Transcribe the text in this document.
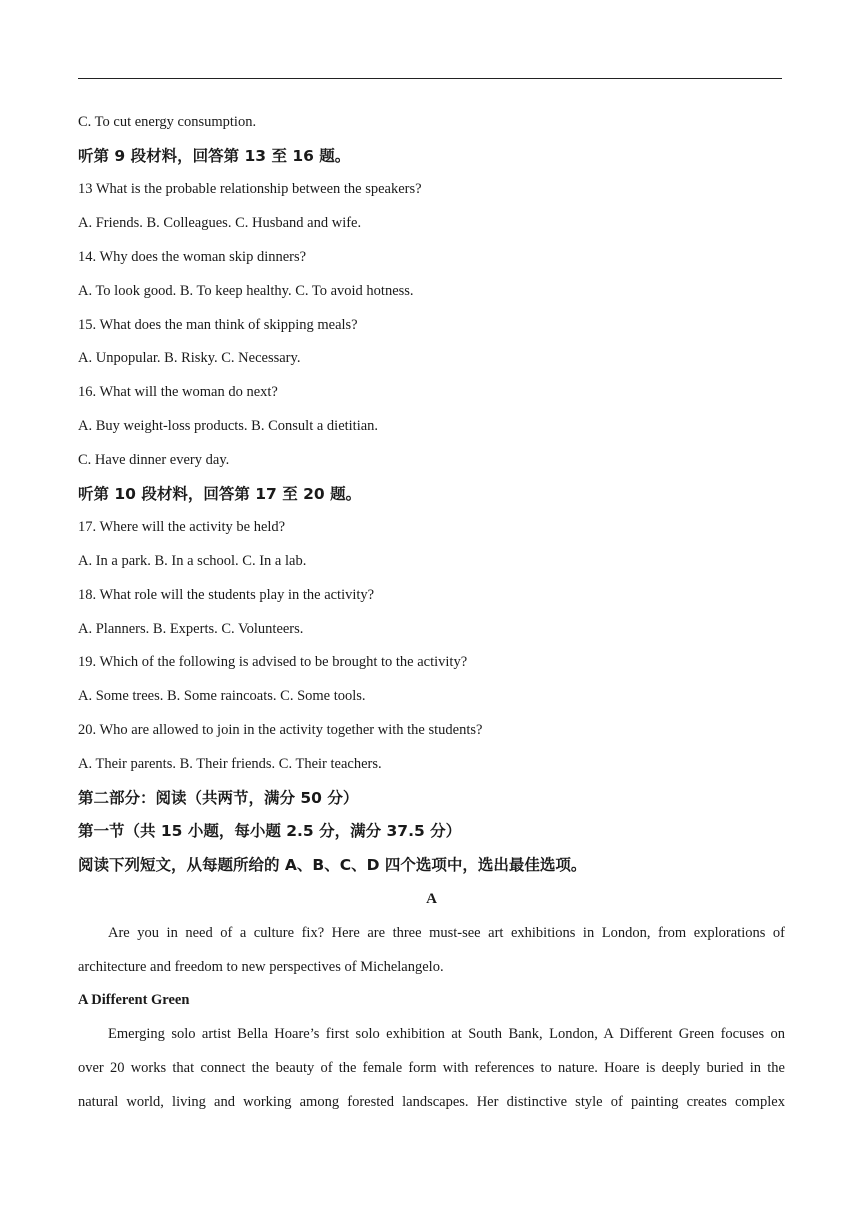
C. To cut energy consumption.
听第 9 段材料，回答第 13 至 16 题。
13 What is the probable relationship between the speakers?
A. Friends. B. Colleagues. C. Husband and wife.
14. Why does the woman skip dinners?
A. To look good. B. To keep healthy. C. To avoid hotness.
15. What does the man think of skipping meals?
A. Unpopular. B. Risky. C. Necessary.
16. What will the woman do next?
A. Buy weight-loss products. B. Consult a dietitian.
C. Have dinner every day.
听第 10 段材料，回答第 17 至 20 题。
17. Where will the activity be held?
A. In a park. B. In a school. C. In a lab.
18. What role will the students play in the activity?
A. Planners. B. Experts. C. Volunteers.
19. Which of the following is advised to be brought to the activity?
A. Some trees. B. Some raincoats. C. Some tools.
20. Who are allowed to join in the activity together with the students?
A. Their parents. B. Their friends. C. Their teachers.
第二部分：阅读（共两节，满分 50 分）
第一节（共 15 小题，每小题 2.5 分，满分 37.5 分）
阅读下列短文，从每题所给的 A、B、C、D 四个选项中，选出最佳选项。
A
Are you in need of a culture fix? Here are three must-see art exhibitions in London, from explorations of
architecture and freedom to new perspectives of Michelangelo.
A Different Green
Emerging solo artist Bella Hoare’s first solo exhibition at South Bank, London, A Different Green focuses on
over 20 works that connect the beauty of the female form with references to nature. Hoare is deeply buried in the
natural world, living and working among forested landscapes. Her distinctive style of painting creates complex
